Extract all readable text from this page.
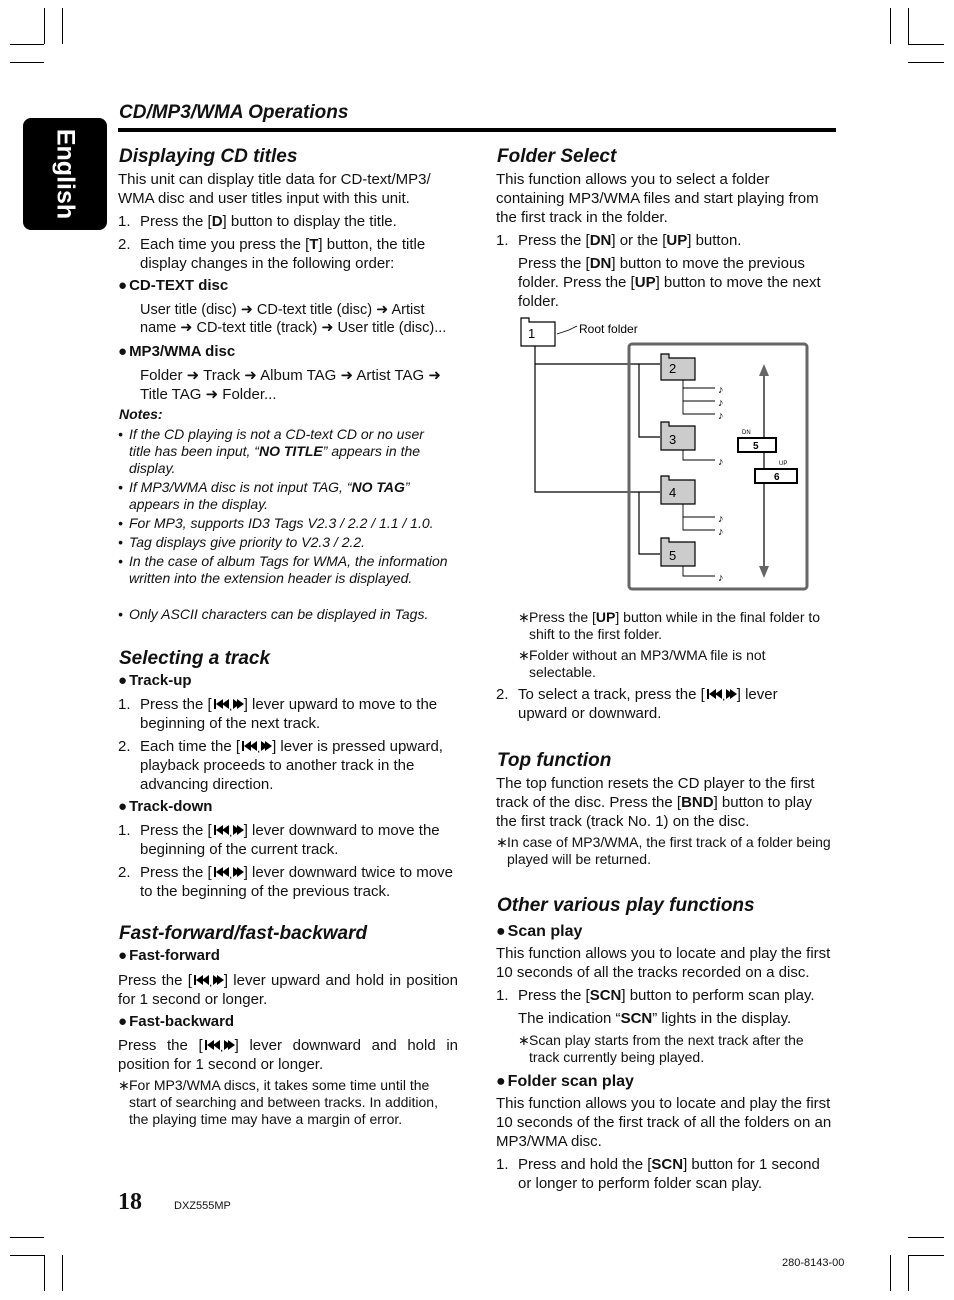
English
CD/MP3/WMA Operations
Displaying CD titles
This unit can display title data for CD-text/MP3/ WMA disc and user titles input with this unit.
1. Press the [D] button to display the title.
2. Each time you press the [T] button, the title display changes in the following order:
● CD-TEXT disc
User title (disc) ➜ CD-text title (disc) ➜ Artist name ➜ CD-text title (track) ➜ User title (disc)...
● MP3/WMA disc
Folder ➜ Track ➜ Album TAG ➜ Artist TAG ➜ Title TAG ➜ Folder...
Notes:
• If the CD playing is not a CD-text CD or no user title has been input, “NO TITLE” appears in the display.
• If MP3/WMA disc is not input TAG, “NO TAG” appears in the display.
• For MP3, supports ID3 Tags V2.3 / 2.2 / 1.1 / 1.0.
• Tag displays give priority to V2.3 / 2.2.
• In the case of album Tags for WMA, the information written into the extension header is displayed.
• Only ASCII characters can be displayed in Tags.
Selecting a track
● Track-up
1. Press the [ , ] lever upward to move to the beginning of the next track.
2. Each time the [ , ] lever is pressed upward, playback proceeds to another track in the advancing direction.
● Track-down
1. Press the [ , ] lever downward to move the beginning of the current track.
2. Press the [ , ] lever downward twice to move to the beginning of the previous track.
Fast-forward/fast-backward
● Fast-forward
Press the [ , ] lever upward and hold in position for 1 second or longer.
● Fast-backward
Press the [ , ] lever downward and hold in position for 1 second or longer.
∗ For MP3/WMA discs, it takes some time until the start of searching and between tracks. In addition, the playing time may have a margin of error.
Folder Select
This function allows you to select a folder containing MP3/WMA files and start playing from the first track in the folder.
1. Press the [DN] or the [UP] button.
Press the [DN] button to move the previous folder. Press the [UP] button to move the next folder.
1	Root folder
2
3
4
5
♪
♪
♪
♪
♪
♪
♪
DN
5
UP
6
∗ Press the [UP] button while in the final folder to shift to the first folder.
∗ Folder without an MP3/WMA file is not selectable.
2. To select a track, press the [ , ] lever upward or downward.
Top function
The top function resets the CD player to the first track of the disc. Press the [BND] button to play the first track (track No. 1) on the disc.
∗ In case of MP3/WMA, the first track of a folder being played will be returned.
Other various play functions
● Scan play
This function allows you to locate and play the first 10 seconds of all the tracks recorded on a disc.
1. Press the [SCN] button to perform scan play.
The indication “SCN” lights in the display.
∗ Scan play starts from the next track after the track currently being played.
● Folder scan play
This function allows you to locate and play the first 10 seconds of the first track of all the folders on an MP3/WMA disc.
1. Press and hold the [SCN] button for 1 second or longer to perform folder scan play.
18	DXZ555MP
280-8143-00
